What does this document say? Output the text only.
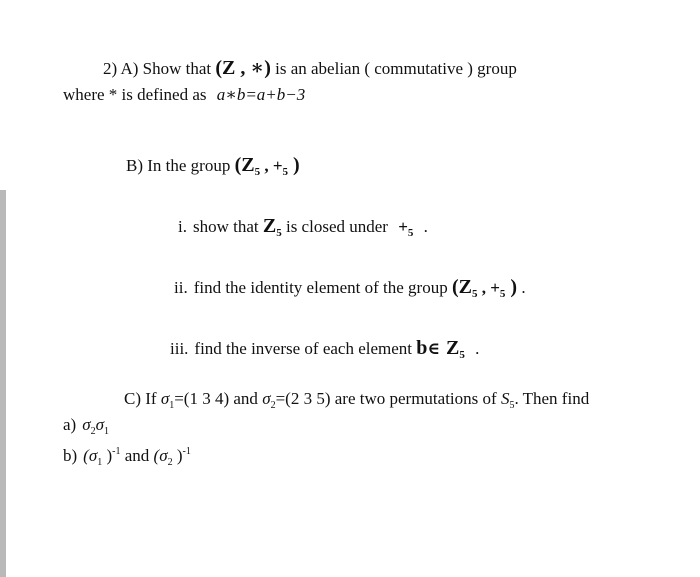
2) A) Show that (Z , ∗) is an abelian ( commutative ) group
where * is defined as a∗b=a+b−3
B) In the group ($Z_5$ , $+_5$ )
i. show that $Z_5$ is closed under $+_5$ .
ii. find the identity element of the group ($Z_5$ , $+_5$ ) .
iii. find the inverse of each element b∈ $Z_5$ .
C) If $\sigma_1=(1$ 3 4) and $\sigma_2=(2$ 3 5) are two permutations of $S_5$. Then find
a) $\sigma_2\sigma_1$
b) ($\sigma_1$ )$^{-1}$ and ($\sigma_2$ )$^{-1}$
